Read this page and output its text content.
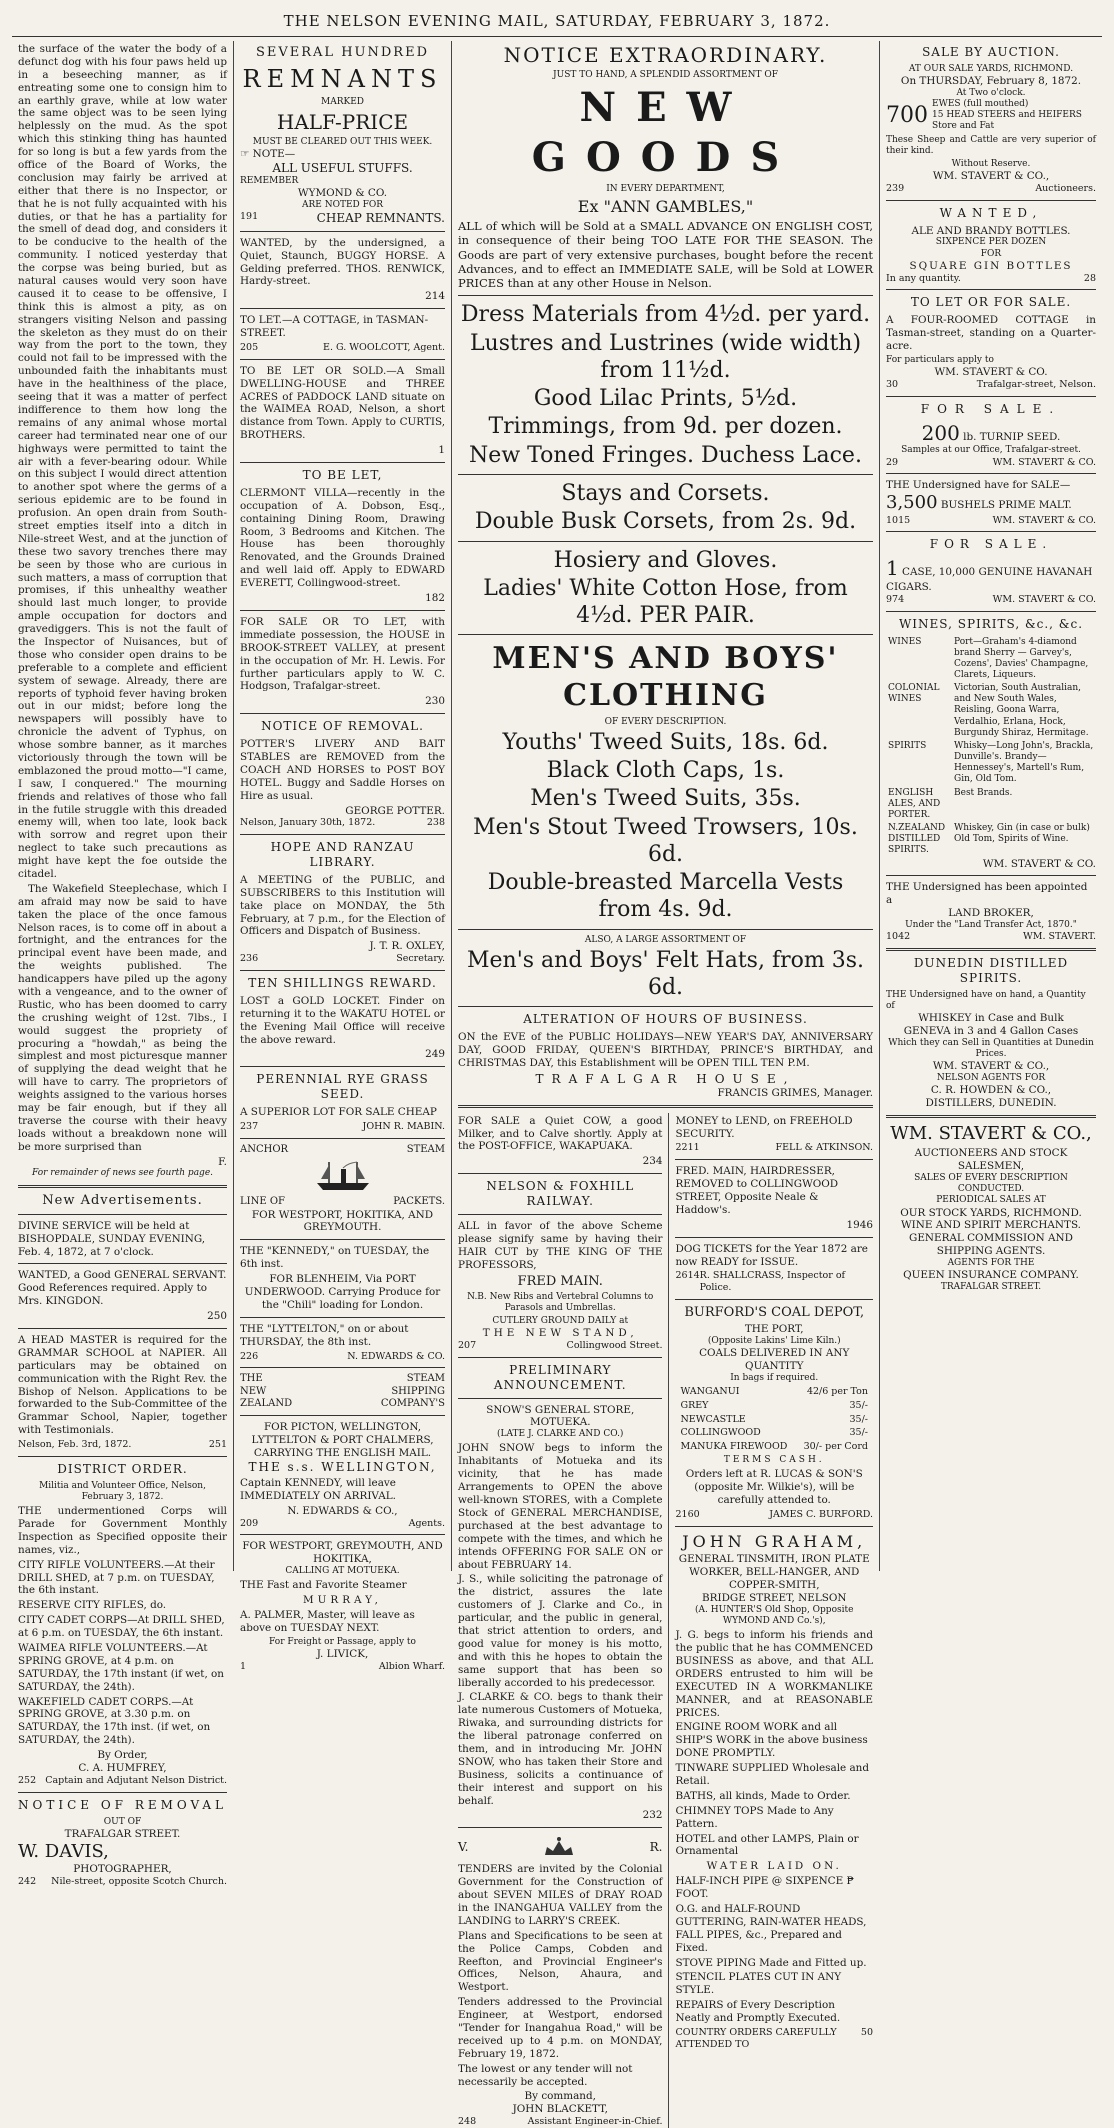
THE NELSON EVENING MAIL, SATURDAY, FEBRUARY 3, 1872.

the surface of the water the body of a defunct dog with his four paws held up in a beseeching manner, as if entreating some one to consign him to an earthly grave, while at low water the same object was to be seen lying helplessly on the mud. As the spot which this stinking thing has haunted for so long is but a few yards from the office of the Board of Works, the conclusion may fairly be arrived at either that there is no Inspector, or that he is not fully acquainted with his duties, or that he has a partiality for the smell of dead dog, and considers it to be conducive to the health of the community. I noticed yesterday that the corpse was being buried, but as natural causes would very soon have caused it to cease to be offensive, I think this is almost a pity, as on strangers visiting Nelson and passing the skeleton as they must do on their way from the port to the town, they could not fail to be impressed with the unbounded faith the inhabitants must have in the healthiness of the place, seeing that it was a matter of perfect indifference to them how long the remains of any animal whose mortal career had terminated near one of our highways were permitted to taint the air with a fever-bearing odour. While on this subject I would direct attention to another spot where the germs of a serious epidemic are to be found in profusion. An open drain from South-street empties itself into a ditch in Nile-street West, and at the junction of these two savory trenches there may be seen by those who are curious in such matters, a mass of corruption that promises, if this unhealthy weather should last much longer, to provide ample occupation for doctors and gravediggers. This is not the fault of the Inspector of Nuisances, but of those who consider open drains to be preferable to a complete and efficient system of sewage. Already, there are reports of typhoid fever having broken out in our midst; before long the newspapers will possibly have to chronicle the advent of Typhus, on whose sombre banner, as it marches victoriously through the town will be emblazoned the proud motto—"I came, I saw, I conquered." The mourning friends and relatives of those who fall in the futile struggle with this dreaded enemy will, when too late, look back with sorrow and regret upon their neglect to take such precautions as might have kept the foe outside the citadel.

The Wakefield Steeplechase, which I am afraid may now be said to have taken the place of the once famous Nelson races, is to come off in about a fortnight, and the entrances for the principal event have been made, and the weights published. The handicappers have piled up the agony with a vengeance, and to the owner of Rustic, who has been doomed to carry the crushing weight of 12st. 7lbs., I would suggest the propriety of procuring a "howdah," as being the simplest and most picturesque manner of supplying the dead weight that he will have to carry. The proprietors of weights assigned to the various horses may be fair enough, but if they all traverse the course with their heavy loads without a breakdown none will be more surprised than

F.
For remainder of news see fourth page.
New Advertisements.

DIVINE SERVICE will be held at BISHOPDALE, SUNDAY EVENING, Feb. 4, 1872, at 7 o'clock.

WANTED, a Good GENERAL SERVANT. Good References required. Apply to Mrs. KINGDON.

250

A HEAD MASTER is required for the GRAMMAR SCHOOL at NAPIER. All particulars may be obtained on communication with the Right Rev. the Bishop of Nelson. Applications to be forwarded to the Sub-Committee of the Grammar School, Napier, together with Testimonials.

Nelson, Feb. 3rd, 1872.	251
DISTRICT ORDER.
Militia and Volunteer Office, Nelson, February 3, 1872.

THE undermentioned Corps will Parade for Government Monthly Inspection as Specified opposite their names, viz.,

CITY RIFLE VOLUNTEERS.—At their DRILL SHED, at 7 p.m. on TUESDAY, the 6th instant.

RESERVE CITY RIFLES, do.

CITY CADET CORPS—At DRILL SHED, at 6 p.m. on TUESDAY, the 6th instant.

WAIMEA RIFLE VOLUNTEERS.—At SPRING GROVE, at 4 p.m. on SATURDAY, the 17th instant (if wet, on SATURDAY, the 24th).

WAKEFIELD CADET CORPS.—At SPRING GROVE, at 3.30 p.m. on SATURDAY, the 17th inst. (if wet, on SATURDAY, the 24th).

By Order,
C. A. HUMFREY,
252 Captain and Adjutant Nelson District.
NOTICE OF REMOVAL
OUT OF
TRAFALGAR STREET.
W. DAVIS,
PHOTOGRAPHER,
242 Nile-street, opposite Scotch Church.
SEVERAL HUNDRED
REMNANTS
MARKED
HALF-PRICE
MUST BE CLEARED OUT THIS WEEK.
☞ NOTE—
ALL USEFUL STUFFS.
REMEMBER
WYMOND & CO.
ARE NOTED FOR
191	CHEAP REMNANTS.

WANTED, by the undersigned, a Quiet, Staunch, BUGGY HORSE. A Gelding preferred. THOS. RENWICK, Hardy-street.

214

TO LET.—A COTTAGE, in TASMAN-STREET.

205	E. G. WOOLCOTT, Agent.

TO BE LET OR SOLD.—A Small DWELLING-HOUSE and THREE ACRES of PADDOCK LAND situate on the WAIMEA ROAD, Nelson, a short distance from Town. Apply to CURTIS, BROTHERS.

1
TO BE LET,

CLERMONT VILLA—recently in the occupation of A. Dobson, Esq., containing Dining Room, Drawing Room, 3 Bedrooms and Kitchen. The House has been thoroughly Renovated, and the Grounds Drained and well laid off. Apply to EDWARD EVERETT, Collingwood-street.

182

FOR SALE OR TO LET, with immediate possession, the HOUSE in BROOK-STREET VALLEY, at present in the occupation of Mr. H. Lewis. For further particulars apply to W. C. Hodgson, Trafalgar-street.

230
NOTICE OF REMOVAL.

POTTER'S LIVERY AND BAIT STABLES are REMOVED from the COACH AND HORSES to POST BOY HOTEL. Buggy and Saddle Horses on Hire as usual.

GEORGE POTTER.
Nelson, January 30th, 1872.	238
HOPE AND RANZAU LIBRARY.

A MEETING of the PUBLIC, and SUBSCRIBERS to this Institution will take place on MONDAY, the 5th February, at 7 p.m., for the Election of Officers and Dispatch of Business.

J. T. R. OXLEY,
236	Secretary.
TEN SHILLINGS REWARD.

LOST a GOLD LOCKET. Finder on returning it to the WAKATU HOTEL or the Evening Mail Office will receive the above reward.

249
PERENNIAL RYE GRASS SEED.

A SUPERIOR LOT FOR SALE CHEAP

237	JOHN R. MABIN.
ANCHOR	STEAM
LINE OF	PACKETS.
FOR WESTPORT, HOKITIKA, AND GREYMOUTH.

THE "KENNEDY," on TUESDAY, the 6th inst.

FOR BLENHEIM, Via PORT UNDERWOOD. Carrying Produce for the "Chili" loading for London.

THE "LYTTELTON," on or about THURSDAY, the 8th inst.

226	N. EDWARDS & CO.
THE	STEAM
NEW	SHIPPING
ZEALAND	COMPANY'S
FOR PICTON, WELLINGTON, LYTTELTON & PORT CHALMERS, CARRYING THE ENGLISH MAIL.
THE s.s. WELLINGTON,

Captain KENNEDY, will leave IMMEDIATELY ON ARRIVAL.

N. EDWARDS & CO.,
209	Agents.
FOR WESTPORT, GREYMOUTH, AND HOKITIKA,
CALLING AT MOTUEKA.

THE Fast and Favorite Steamer

MURRAY,

A. PALMER, Master, will leave as above on TUESDAY NEXT.

For Freight or Passage, apply to
J. LIVICK,
1	Albion Wharf.
NOTICE EXTRAORDINARY.
JUST TO HAND, A SPLENDID ASSORTMENT OF
NEW GOODS
IN EVERY DEPARTMENT,
Ex "ANN GAMBLES,"

ALL of which will be Sold at a SMALL ADVANCE ON ENGLISH COST, in consequence of their being TOO LATE FOR THE SEASON. The Goods are part of very extensive purchases, bought before the recent Advances, and to effect an IMMEDIATE SALE, will be Sold at LOWER PRICES than at any other House in Nelson.

Dress Materials from 4½d. per yard.
Lustres and Lustrines (wide width) from 11½d.
Good Lilac Prints, 5½d.
Trimmings, from 9d. per dozen.
New Toned Fringes. Duchess Lace.
Stays and Corsets.
Double Busk Corsets, from 2s. 9d.
Hosiery and Gloves.
Ladies' White Cotton Hose, from 4½d. PER PAIR.
MEN'S AND BOYS' CLOTHING
OF EVERY DESCRIPTION.
Youths' Tweed Suits, 18s. 6d.
Black Cloth Caps, 1s.
Men's Tweed Suits, 35s.
Men's Stout Tweed Trowsers, 10s. 6d.
Double-breasted Marcella Vests from 4s. 9d.
ALSO, A LARGE ASSORTMENT OF
Men's and Boys' Felt Hats, from 3s. 6d.
ALTERATION OF HOURS OF BUSINESS.

ON the EVE of the PUBLIC HOLIDAYS—NEW YEAR'S DAY, ANNIVERSARY DAY, GOOD FRIDAY, QUEEN'S BIRTHDAY, PRINCE'S BIRTHDAY, and CHRISTMAS DAY, this Establishment will be OPEN TILL TEN P.M.

TRAFALGAR HOUSE,
FRANCIS GRIMES, Manager.

FOR SALE a Quiet COW, a good Milker, and to Calve shortly. Apply at the POST-OFFICE, WAKAPUAKA.

234
NELSON & FOXHILL RAILWAY.

ALL in favor of the above Scheme please signify same by having their HAIR CUT by THE KING OF THE PROFESSORS,

FRED MAIN.

N.B. New Ribs and Vertebral Columns to Parasols and Umbrellas.

CUTLERY GROUND DAILY at
THE NEW STAND,
207	Collingwood Street.
PRELIMINARY ANNOUNCEMENT.
SNOW'S GENERAL STORE, MOTUEKA.
(LATE J. CLARKE AND CO.)

JOHN SNOW begs to inform the Inhabitants of Motueka and its vicinity, that he has made Arrangements to OPEN the above well-known STORES, with a Complete Stock of GENERAL MERCHANDISE, purchased at the best advantage to compete with the times, and which he intends OFFERING FOR SALE ON or about FEBRUARY 14.

J. S., while soliciting the patronage of the district, assures the late customers of J. Clarke and Co., in particular, and the public in general, that strict attention to orders, and good value for money is his motto, and with this he hopes to obtain the same support that has been so liberally accorded to his predecessor.

J. CLARKE & CO. begs to thank their late numerous Customers of Motueka, Riwaka, and surrounding districts for the liberal patronage conferred on them, and in introducing Mr. JOHN SNOW, who has taken their Store and Business, solicits a continuance of their interest and support on his behalf.

232
V.	R.

TENDERS are invited by the Colonial Government for the Construction of about SEVEN MILES of DRAY ROAD in the INANGAHUA VALLEY from the LANDING to LARRY'S CREEK.

Plans and Specifications to be seen at the Police Camps, Cobden and Reefton, and Provincial Engineer's Offices, Nelson, Ahaura, and Westport.

Tenders addressed to the Provincial Engineer, at Westport, endorsed "Tender for Inangahua Road," will be received up to 4 p.m. on MONDAY, February 19, 1872.

The lowest or any tender will not necessarily be accepted.

By command,
JOHN BLACKETT,
248	Assistant Engineer-in-Chief.

MONEY to LEND, on FREEHOLD SECURITY.

2211	FELL & ATKINSON.

FRED. MAIN, HAIRDRESSER, REMOVED to COLLINGWOOD STREET, Opposite Neale & Haddow's.

1946

DOG TICKETS for the Year 1872 are now READY for ISSUE.

2614 R. SHALLCRASS, Inspector of Police.
BURFORD'S COAL DEPOT,
THE PORT,
(Opposite Lakins' Lime Kiln.)
COALS DELIVERED IN ANY QUANTITY
In bags if required.
WANGANUI	42/6 per Ton
GREY	35/-
NEWCASTLE	35/-
COLLINGWOOD	35/-
MANUKA FIREWOOD	30/- per Cord
TERMS CASH.

Orders left at R. LUCAS & SON'S (opposite Mr. Wilkie's), will be carefully attended to.

2160	JAMES C. BURFORD.
JOHN GRAHAM,
GENERAL TINSMITH, IRON PLATE WORKER, BELL-HANGER, AND COPPER-SMITH,
BRIDGE STREET, NELSON
(A. HUNTER'S Old Shop, Opposite WYMOND AND Co.'s),

J. G. begs to inform his friends and the public that he has COMMENCED BUSINESS as above, and that ALL ORDERS entrusted to him will be EXECUTED IN A WORKMANLIKE MANNER, and at REASONABLE PRICES.

ENGINE ROOM WORK and all SHIP'S WORK in the above business DONE PROMPTLY.

TINWARE SUPPLIED Wholesale and Retail.

BATHS, all kinds, Made to Order.

CHIMNEY TOPS Made to Any Pattern.

HOTEL and other LAMPS, Plain or Ornamental

WATER LAID ON.

HALF-INCH PIPE @ SIXPENCE ₱ FOOT.

O.G. and HALF-ROUND GUTTERING, RAIN-WATER HEADS, FALL PIPES, &c., Prepared and Fixed.

STOVE PIPING Made and Fitted up.

STENCIL PLATES CUT IN ANY STYLE.

REPAIRS of Every Description Neatly and Promptly Executed.

COUNTRY ORDERS CAREFULLY ATTENDED TO
50
SALE BY AUCTION.
AT OUR SALE YARDS, RICHMOND.
On THURSDAY, February 8, 1872.
At Two o'clock.
700 EWES (full mouthed)
15 HEAD STEERS and HEIFERS Store and Fat

These Sheep and Cattle are very superior of their kind.

Without Reserve.
WM. STAVERT & CO.,
239	Auctioneers.
WANTED,
ALE AND BRANDY BOTTLES.
SIXPENCE PER DOZEN
FOR
SQUARE GIN BOTTLES
In any quantity.	28
TO LET OR FOR SALE.

A FOUR-ROOMED COTTAGE in Tasman-street, standing on a Quarter-acre.

For particulars apply to
WM. STAVERT & CO.
30	Trafalgar-street, Nelson.
FOR SALE.
200 lb. TURNIP SEED.
Samples at our Office, Trafalgar-street.
29	WM. STAVERT & CO.
THE Undersigned have for SALE—
3,500 BUSHELS PRIME MALT.
1015	WM. STAVERT & CO.
FOR SALE.
1 CASE, 10,000 GENUINE HAVANAH CIGARS.
974	WM. STAVERT & CO.
WINES, SPIRITS, &c., &c.
WINES	Port—Graham's 4-diamond brand Sherry — Garvey's, Cozens', Davies' Champagne, Clarets, Liqueurs.
COLONIAL WINES	Victorian, South Australian, and New South Wales, Reisling, Goona Warra, Verdalhio, Erlana, Hock, Burgundy Shiraz, Hermitage.
SPIRITS	Whisky—Long John's, Brackla, Dunville's. Brandy—Hennessey's, Martell's Rum, Gin, Old Tom.
ENGLISH ALES, AND PORTER.	Best Brands.
N.ZEALAND DISTILLED SPIRITS.	Whiskey, Gin (in case or bulk) Old Tom, Spirits of Wine.
WM. STAVERT & CO.
THE Undersigned has been appointed a
LAND BROKER,
Under the "Land Transfer Act, 1870."
1042	WM. STAVERT.
DUNEDIN DISTILLED SPIRITS.
THE Undersigned have on hand, a Quantity of
WHISKEY in Case and Bulk
GENEVA in 3 and 4 Gallon Cases
Which they can Sell in Quantities at Dunedin Prices.
WM. STAVERT & CO.,
NELSON AGENTS FOR
C. R. HOWDEN & CO.,
DISTILLERS, DUNEDIN.
WM. STAVERT & CO.,
AUCTIONEERS AND STOCK SALESMEN,
SALES OF EVERY DESCRIPTION CONDUCTED.
PERIODICAL SALES AT
OUR STOCK YARDS, RICHMOND.
WINE AND SPIRIT MERCHANTS.
GENERAL COMMISSION AND SHIPPING AGENTS.
AGENTS FOR THE
QUEEN INSURANCE COMPANY.
TRAFALGAR STREET.
